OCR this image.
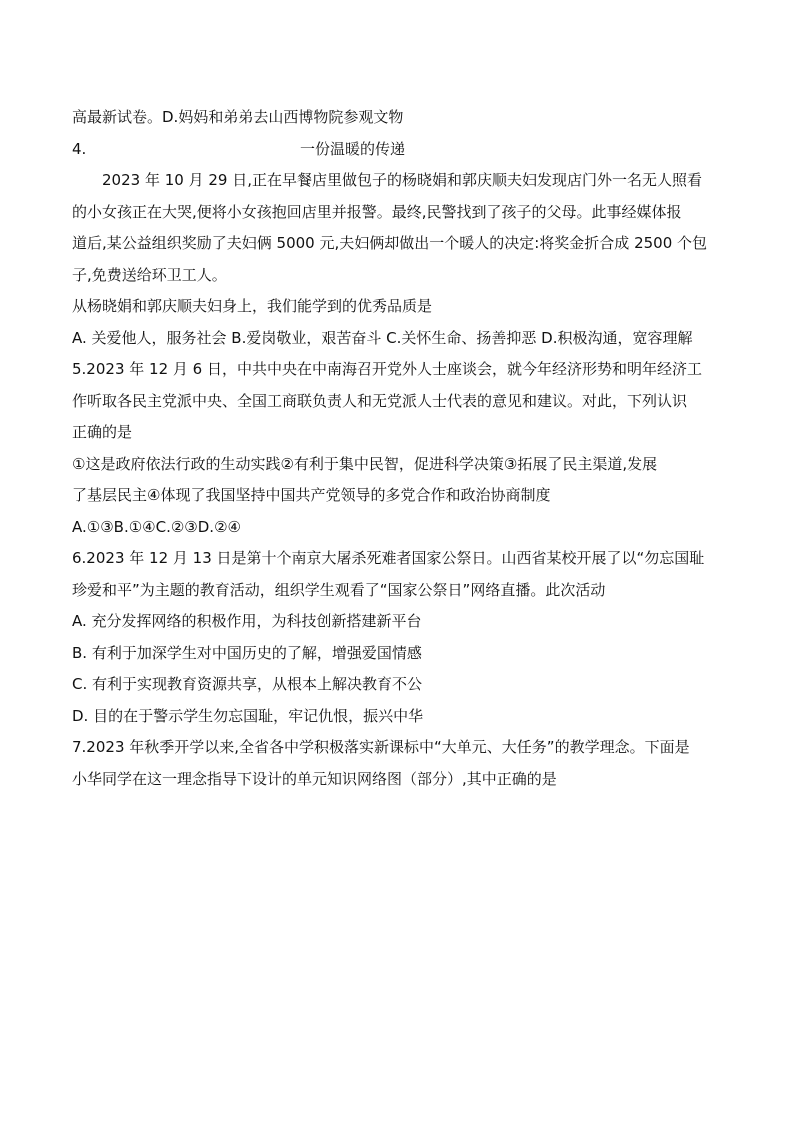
高最新试卷。D.妈妈和弟弟去山西博物院参观文物
4.	一份温暖的传递
2023 年 10 月 29 日,正在早餐店里做包子的杨晓娟和郭庆顺夫妇发现店门外一名无人照看
的小女孩正在大哭,便将小女孩抱回店里并报警。最终,民警找到了孩子的父母。此事经媒体报
道后,某公益组织奖励了夫妇俩 5000 元,夫妇俩却做出一个暖人的决定:将奖金折合成 2500 个包
子,免费送给环卫工人。
从杨晓娟和郭庆顺夫妇身上，我们能学到的优秀品质是
A. 关爱他人，服务社会 B.爱岗敬业，艰苦奋斗 C.关怀生命、扬善抑恶 D.积极沟通，宽容理解
5.2023 年 12 月 6 日，中共中央在中南海召开党外人士座谈会，就今年经济形势和明年经济工
作听取各民主党派中央、全国工商联负责人和无党派人士代表的意见和建议。对此，下列认识
正确的是
①这是政府依法行政的生动实践②有利于集中民智，促进科学决策③拓展了民主渠道,发展
了基层民主④体现了我国坚持中国共产党领导的多党合作和政治协商制度
A.①③B.①④C.②③D.②④
6.2023 年 12 月 13 日是第十个南京大屠杀死难者国家公祭日。山西省某校开展了以“勿忘国耻
珍爱和平”为主题的教育活动，组织学生观看了“国家公祭日”网络直播。此次活动
A. 充分发挥网络的积极作用，为科技创新搭建新平台
B. 有利于加深学生对中国历史的了解，增强爱国情感
C. 有利于实现教育资源共享，从根本上解决教育不公
D. 目的在于警示学生勿忘国耻，牢记仇恨，振兴中华
7.2023 年秋季开学以来,全省各中学积极落实新课标中“大单元、大任务”的教学理念。下面是
小华同学在这一理念指导下设计的单元知识网络图（部分）,其中正确的是
